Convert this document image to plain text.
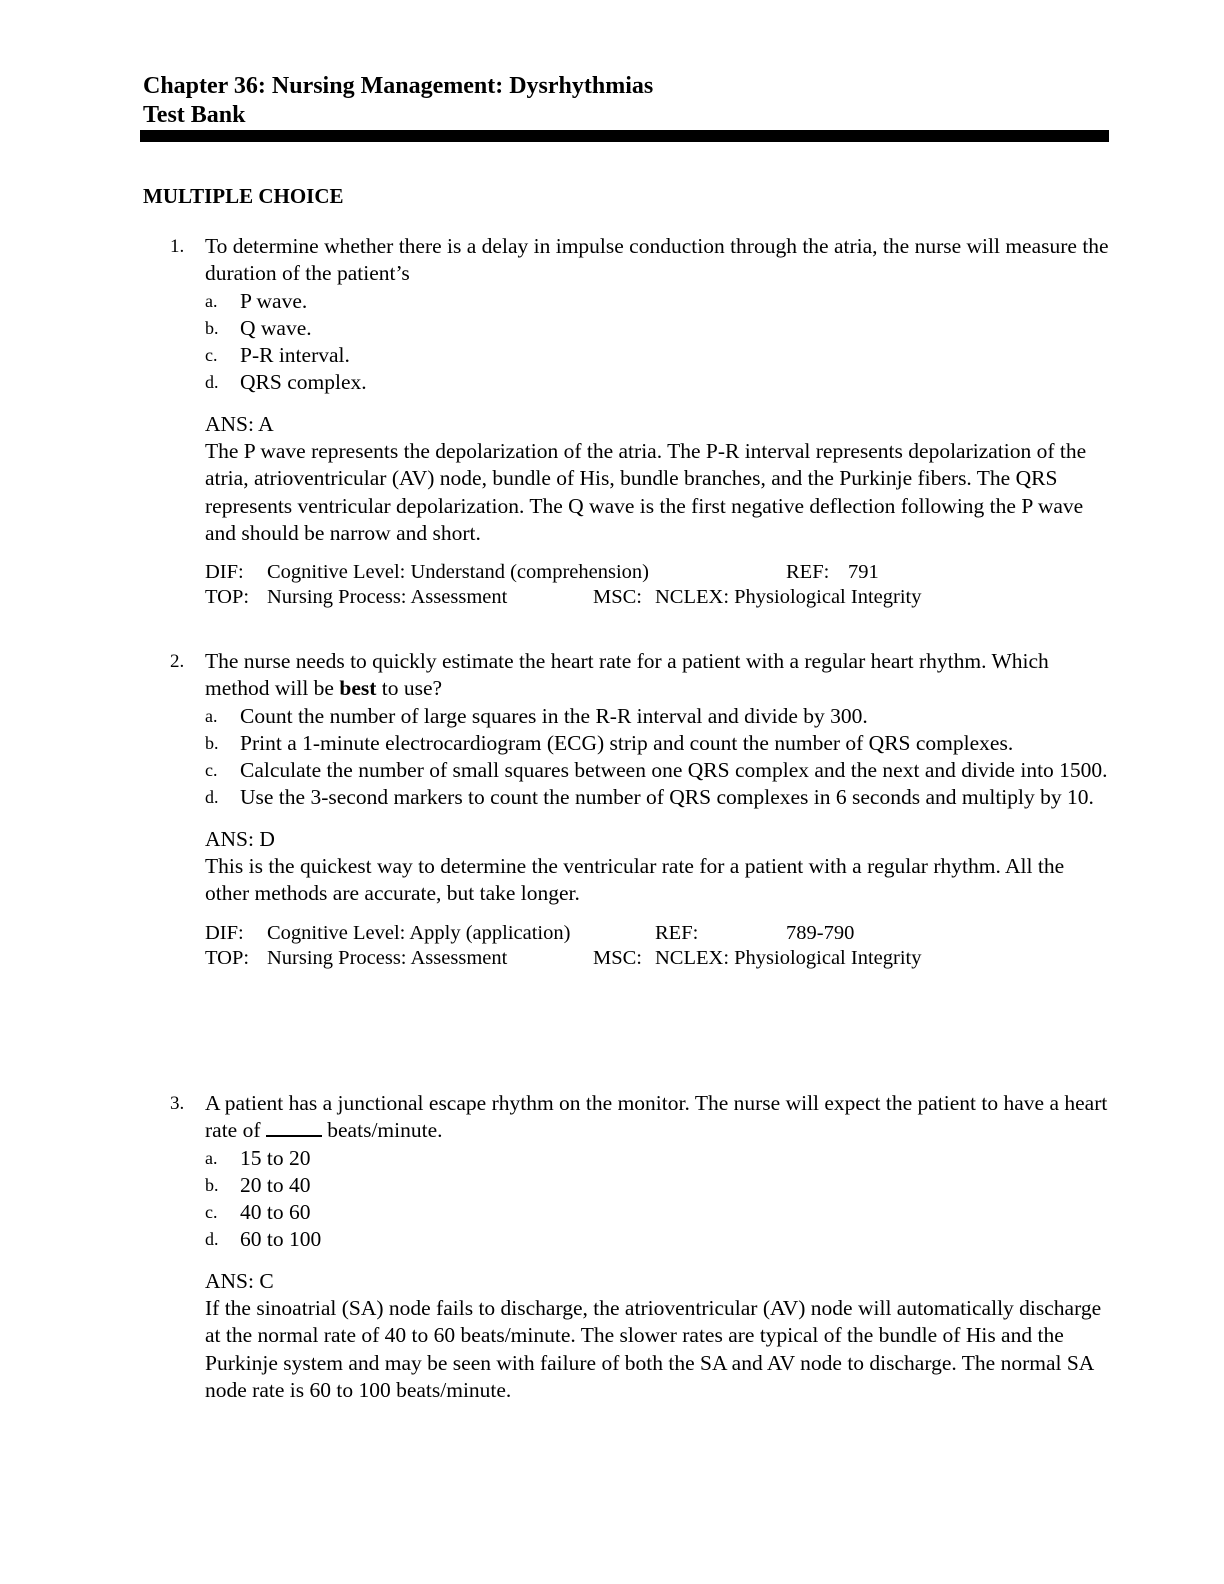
Chapter 36: Nursing Management: Dysrhythmias

Test Bank

MULTIPLE CHOICE

1. To determine whether there is a delay in impulse conduction through the atria, the nurse will measure the duration of the patient’s
a. P wave.
b. Q wave.
c. P-R interval.
d. QRS complex.
ANS: A
The P wave represents the depolarization of the atria. The P-R interval represents depolarization of the atria, atrioventricular (AV) node, bundle of His, bundle branches, and the Purkinje fibers. The QRS represents ventricular depolarization. The Q wave is the first negative deflection following the P wave and should be narrow and short.
DIF: Cognitive Level: Understand (comprehension)	REF: 791
TOP: Nursing Process: Assessment	MSC: NCLEX: Physiological Integrity
2. The nurse needs to quickly estimate the heart rate for a patient with a regular heart rhythm. Which method will be best to use?
a. Count the number of large squares in the R-R interval and divide by 300.
b. Print a 1-minute electrocardiogram (ECG) strip and count the number of QRS complexes.
c. Calculate the number of small squares between one QRS complex and the next and divide into 1500.
d. Use the 3-second markers to count the number of QRS complexes in 6 seconds and multiply by 10.
ANS: D
This is the quickest way to determine the ventricular rate for a patient with a regular rhythm. All the other methods are accurate, but take longer.
DIF: Cognitive Level: Apply (application)	REF:	789-790
TOP: Nursing Process: Assessment	MSC: NCLEX: Physiological Integrity
3. A patient has a junctional escape rhythm on the monitor. The nurse will expect the patient to have a heart rate of	beats/minute.
a. 15 to 20
b. 20 to 40
c. 40 to 60
d. 60 to 100
ANS: C
If the sinoatrial (SA) node fails to discharge, the atrioventricular (AV) node will automatically discharge at the normal rate of 40 to 60 beats/minute. The slower rates are typical of the bundle of His and the Purkinje system and may be seen with failure of both the SA and AV node to discharge. The normal SA node rate is 60 to 100 beats/minute.
